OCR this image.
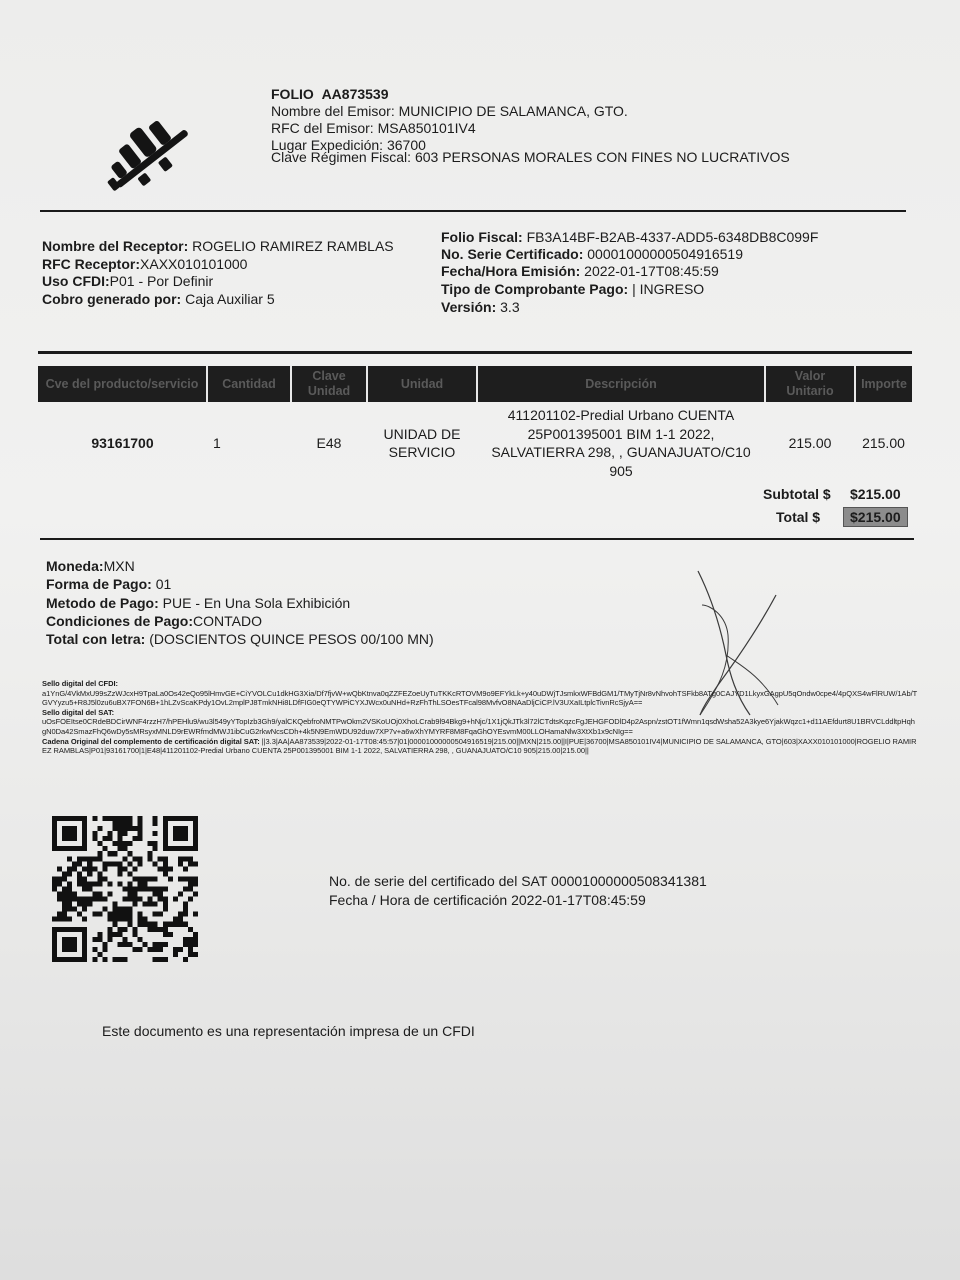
FOLIO AA873539
Nombre del Emisor: MUNICIPIO DE SALAMANCA, GTO.
RFC del Emisor: MSA850101IV4
Lugar Expedición: 36700
Clave Régimen Fiscal: 603 PERSONAS MORALES CON FINES NO LUCRATIVOS
Nombre del Receptor: ROGELIO RAMIREZ RAMBLAS
RFC Receptor:XAXX010101000
Uso CFDI:P01 - Por Definir
Cobro generado por: Caja Auxiliar 5
Folio Fiscal: FB3A14BF-B2AB-4337-ADD5-6348DB8C099F
No. Serie Certificado: 00001000000504916519
Fecha/Hora Emisión: 2022-01-17T08:45:59
Tipo de Comprobante Pago: | INGRESO
Versión: 3.3
Cve del producto/servicio	Cantidad	Clave Unidad	Unidad	Descripción	Valor Unitario	Importe
93161700	1	E48	UNIDAD DE SERVICIO	411201102-Predial Urbano CUENTA 25P001395001 BIM 1-1 2022, SALVATIERRA 298, , GUANAJUATO/C10 905	215.00	215.00
Subtotal $ $215.00
Total $	$215.00
Moneda:MXN
Forma de Pago: 01
Metodo de Pago: PUE - En Una Sola Exhibición
Condiciones de Pago:CONTADO
Total con letra: (DOSCIENTOS QUINCE PESOS 00/100 MN)
Sello digital del CFDI:
a1YnG/4VkMxU99sZzWJcxH9TpaLa0Os42eQo95lHmvGE+CiYVOLCu1dkHG3Xia/Df7fjvW+wQbKtnva0qZZFEZoeUyTuTKKcRTOVM9o9EFYkLk+y40uDWjTJsmkxWFBdGM1/TMyTjNr8vNhvohTSFkb8ATg0CAJYD1LkyxGAgpU5qOndw0cpe4/4pQXS4wFlRUW/1Ab/TGVYyzu5+R8J5l0zu6uBX7FON6B+1hLZvScaKPdy1OvL2mplPJ8TmkNHi8LDfFIG0eQTYWPiCYXJWcx0uNHd+RzFhThLSOesTFcal98MvfvO8NAaDljCiCP.lV3UXaILtplcTivnRcSjyA==
Sello digital del SAT:
uOsFOEItse0CRdeBDCirWNF4rzzH7/hPEHlu9/wu3l549yYTopIzb3Gh9/yalCKQebfroNMTPwOkm2VSKoUOj0XhoLCrab9l94Bkg9+hNjc/1X1jQkJTk3l72lCTdtsKqzcFgJEHGFODlD4p2Aspn/zstOT1fWmn1qsdWsha52A3kye6YjakWqzc1+d11AEfdurt8U1BRVCLddltpHqhgN0Da42SmazFhQ6wDy5sMRsyxMNLD9rEWRfmdMWJ1ibCuG2rkwNcsCDh+4k5N9EmWDU92duw7XP7v+a6wXhYMYRF8M8FqaGhOYEsvmM00LLOHamaNlw3XtXb1x9cNIg==
Cadena Original del complemento de certificación digital SAT: ||3.3|AA|AA873539|2022-01-17T08:45:57|01|00001000000504916519|215.00||MXN|215.00||I|PUE|36700|MSA850101IV4|MUNICIPIO DE SALAMANCA, GTO|603|XAXX010101000|ROGELIO RAMIREZ RAMBLAS|P01|93161700|1|E48|411201102-Predial Urbano CUENTA 25P001395001 BIM 1-1 2022, SALVATIERRA 298, , GUANAJUATO/C10 905|215.00|215.00||
No. de serie del certificado del SAT 00001000000508341381
Fecha / Hora de certificación 2022-01-17T08:45:59
Este documento es una representación impresa de un CFDI
